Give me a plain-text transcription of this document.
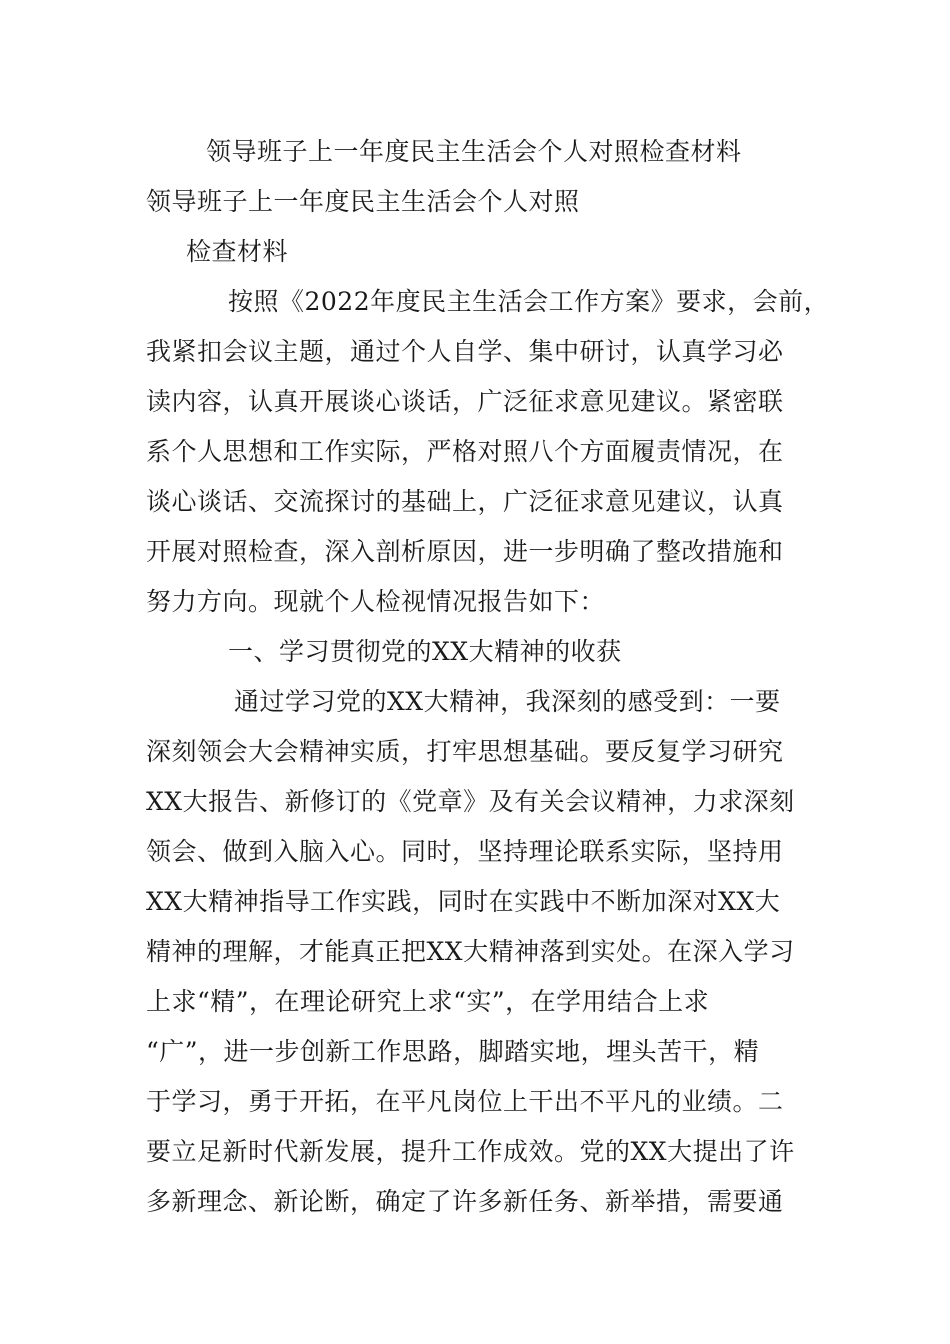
领导班子上一年度民主生活会个人对照检查材料

领导班子上一年度民主生活会个人对照

检查材料

按照《2022年度民主生活会工作方案》要求，会前，

我紧扣会议主题，通过个人自学、集中研讨，认真学习必

读内容，认真开展谈心谈话，广泛征求意见建议。紧密联

系个人思想和工作实际，严格对照八个方面履责情况，在

谈心谈话、交流探讨的基础上，广泛征求意见建议，认真

开展对照检查，深入剖析原因，进一步明确了整改措施和

努力方向。现就个人检视情况报告如下：

一、学习贯彻党的XX大精神的收获

通过学习党的XX大精神，我深刻的感受到：一要

深刻领会大会精神实质，打牢思想基础。要反复学习研究

XX大报告、新修订的《党章》及有关会议精神，力求深刻

领会、做到入脑入心。同时，坚持理论联系实际，坚持用

XX大精神指导工作实践，同时在实践中不断加深对XX大

精神的理解，才能真正把XX大精神落到实处。在深入学习

上求“精”，在理论研究上求“实”，在学用结合上求

“广”，进一步创新工作思路，脚踏实地，埋头苦干，精

于学习，勇于开拓，在平凡岗位上干出不平凡的业绩。二

要立足新时代新发展，提升工作成效。党的XX大提出了许

多新理念、新论断，确定了许多新任务、新举措，需要通
